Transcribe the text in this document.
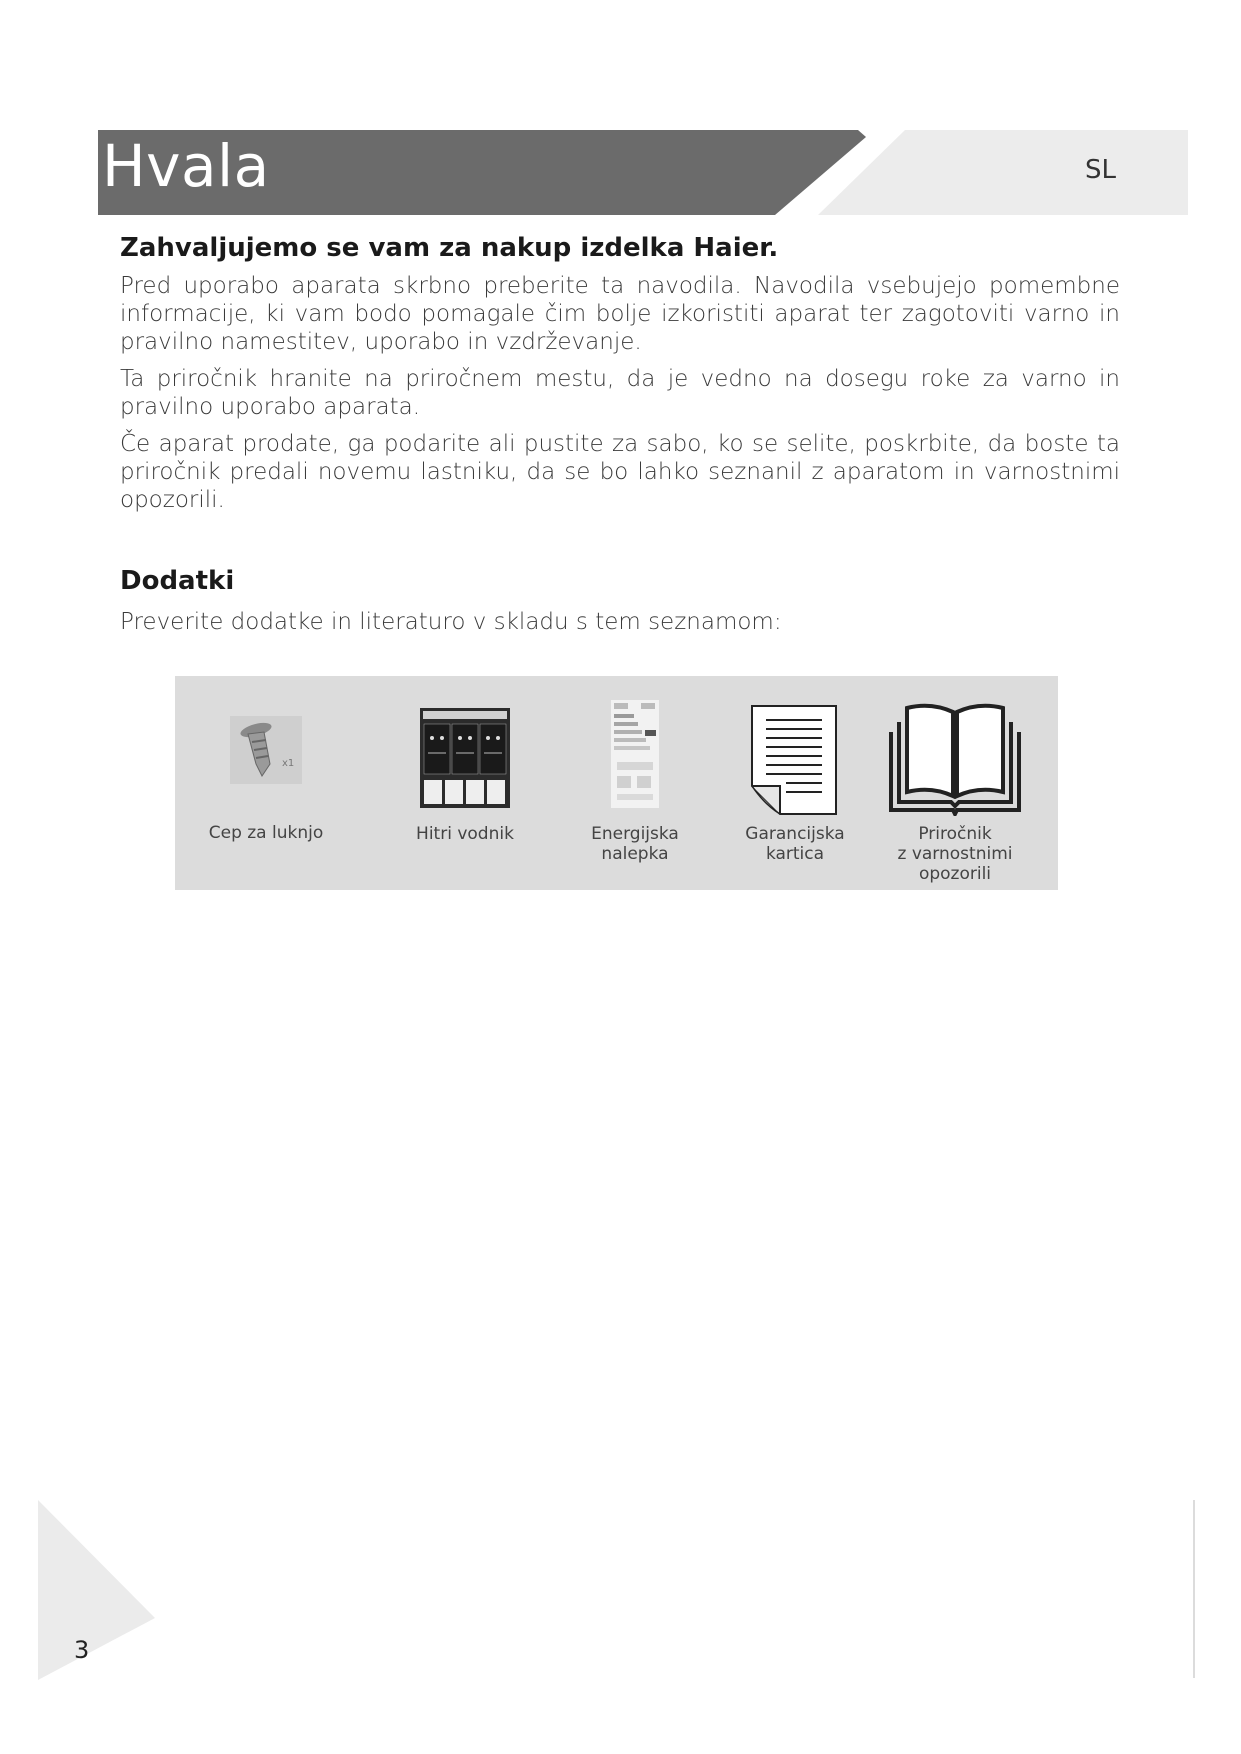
Hvala	SL
Zahvaljujemo se vam za nakup izdelka Haier.

Pred uporabo aparata skrbno preberite ta navodila. Navodila vsebujejo pomembne informacije, ki vam bodo pomagale čim bolje izkoristiti aparat ter zagotoviti varno in pravilno namestitev, uporabo in vzdrževanje.

Ta priročnik hranite na priročnem mestu, da je vedno na dosegu roke za varno in pravilno uporabo aparata.

Če aparat prodate, ga podarite ali pustite za sabo, ko se selite, poskrbite, da boste ta priročnik predali novemu lastniku, da se bo lahko seznanil z aparatom in varnostnimi opozorili.

Dodatki

Preverite dodatke in literaturo v skladu s tem seznamom:

x1
Cep za luknjo	Hitri vodnik	Energijska
nalepka
Garancijska
kartica
Priročnik
z varnostnimi
opozorili
3
